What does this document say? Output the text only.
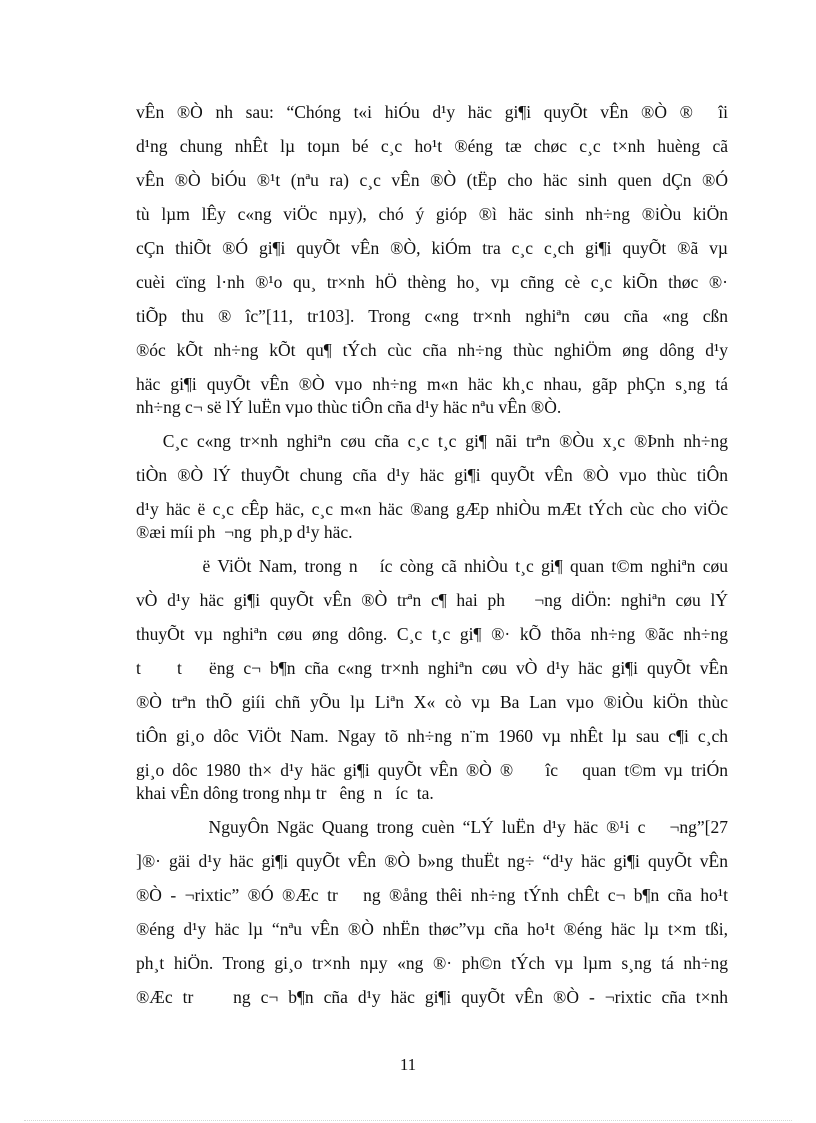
vÊn ®Ò nh sau: “Chóng t«i hiÓu d¹y häc gi¶i quyÕt vÊn ®Ò ® îi
d¹ng chung nhÊt lµ toµn bé c¸c ho¹t ®éng tæ chøc c¸c t×nh huèng cã
vÊn ®Ò biÓu ®¹t (nªu ra) c¸c vÊn ®Ò (tËp cho häc sinh quen dÇn ®Ó
tù lµm lÊy c«ng viÖc nµy), chó ý gióp ®ì häc sinh nh÷ng ®iÒu kiÖn
cÇn thiÕt ®Ó gi¶i quyÕt vÊn ®Ò, kiÓm tra c¸c c¸ch gi¶i quyÕt ®ã vµ
cuèi cïng l·nh ®¹o qu¸ tr×nh hÖ thèng ho¸ vµ cñng cè c¸c kiÕn thøc ®·
tiÕp thu ® îc”[11, tr103]. Trong c«ng tr×nh nghiªn cøu cña «ng cßn
®óc kÕt nh÷ng kÕt qu¶ tÝch cùc cña nh÷ng thùc nghiÖm øng dông d¹y
häc gi¶i quyÕt vÊn ®Ò vµo nh÷ng m«n häc kh¸c nhau, gãp phÇn s¸ng tá
nh÷ng c¬ së lÝ luËn vµo thùc tiÔn cña d¹y häc nªu vÊn ®Ò.
C¸c c«ng tr×nh nghiªn cøu cña c¸c t¸c gi¶ nãi trªn ®Òu x¸c ®Þnh nh÷ng
tiÒn ®Ò lÝ thuyÕt chung cña d¹y häc gi¶i quyÕt vÊn ®Ò vµo thùc tiÔn
d¹y häc ë c¸c cÊp häc, c¸c m«n häc ®ang gÆp nhiÒu mÆt tÝch cùc cho viÖc
®æi míi ph  ¬ng  ph¸p d¹y häc.
ë ViÖt Nam, trong n   íc còng cã nhiÒu t¸c gi¶ quan t©m nghiªn cøu
vÒ d¹y häc gi¶i quyÕt vÊn ®Ò trªn c¶ hai ph   ¬ng diÖn: nghiªn cøu lÝ
thuyÕt vµ nghiªn cøu øng dông. C¸c t¸c gi¶ ®· kÕ thõa nh÷ng ®ãc nh÷ng
t    t   ëng c¬ b¶n cña c«ng tr×nh nghiªn cøu vÒ d¹y häc gi¶i quyÕt vÊn
®Ò trªn thÕ giíi chñ yÕu lµ Liªn X« cò vµ Ba Lan vµo ®iÒu kiÖn thùc
tiÔn gi¸o dôc ViÖt Nam. Ngay tõ nh÷ng n¨m 1960 vµ nhÊt lµ sau c¶i c¸ch
gi¸o dôc 1980 th× d¹y häc gi¶i quyÕt vÊn ®Ò ®    îc   quan t©m vµ triÓn
khai vÊn dông trong nhµ tr   êng  n   íc  ta.
NguyÔn Ngäc Quang trong cuèn “LÝ luËn d¹y häc ®¹i c   ¬ng”[27
]®· gäi d¹y häc gi¶i quyÕt vÊn ®Ò b»ng thuËt ng÷ “d¹y häc gi¶i quyÕt vÊn
®Ò - ¬rixtic” ®Ó ®Æc tr   ng ®ång thêi nh÷ng tÝnh chÊt c¬ b¶n cña ho¹t
®éng d¹y häc lµ “nªu vÊn ®Ò nhËn thøc”vµ cña ho¹t ®éng häc lµ t×m tßi,
ph¸t hiÖn. Trong gi¸o tr×nh nµy «ng ®· ph©n tÝch vµ lµm s¸ng tá nh÷ng
®Æc tr    ng c¬ b¶n cña d¹y häc gi¶i quyÕt vÊn ®Ò - ¬rixtic cña t×nh
11
